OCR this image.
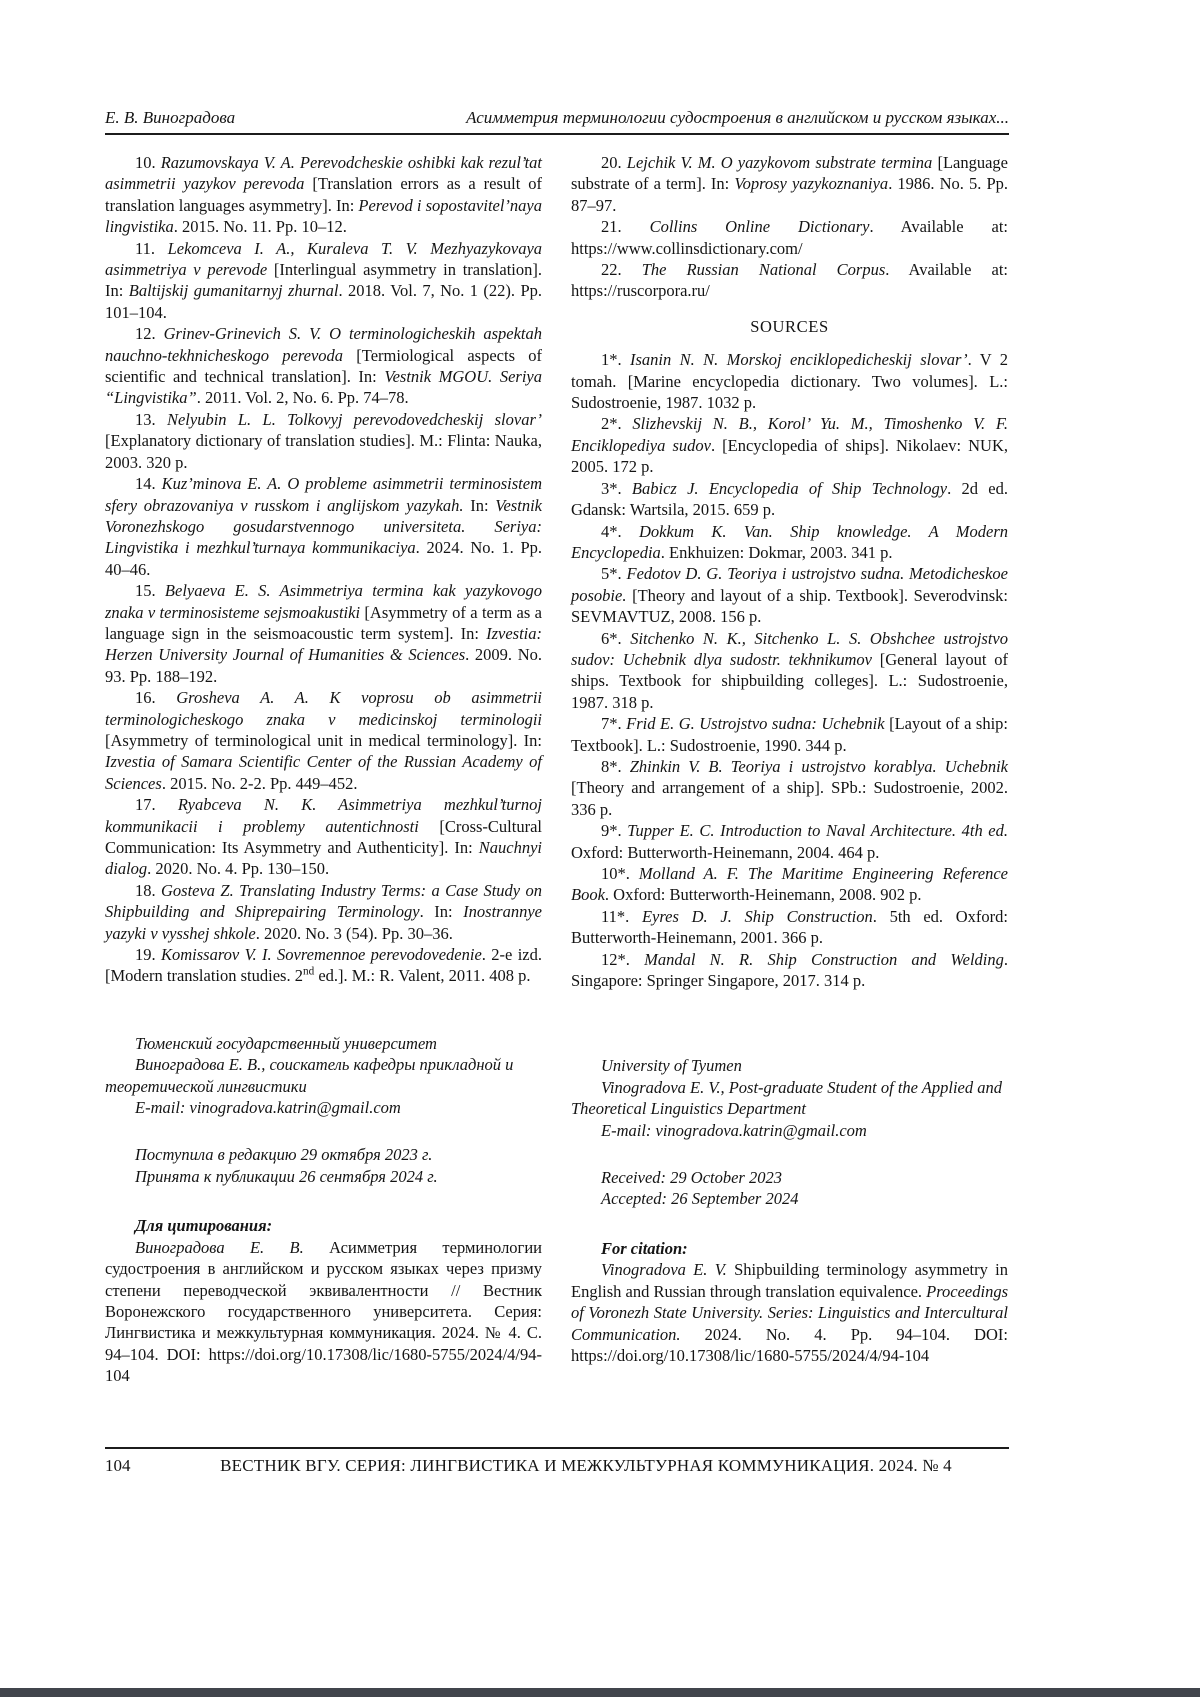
Е. В. Виноградова	Асимметрия терминологии судостроения в английском и русском языках...

10. Razumovskaya V. A. Perevodcheskie oshibki kak rezul’tat asimmetrii yazykov perevoda [Translation errors as a result of translation languages asymmetry]. In: Perevod i sopostavitel’naya lingvistika. 2015. No. 11. Pp. 10–12.

11. Lekomceva I. A., Kuraleva T. V. Mezhyazykovaya asimmetriya v perevode [Interlingual asymmetry in translation]. In: Baltijskij gumanitarnyj zhurnal. 2018. Vol. 7, No. 1 (22). Pp. 101–104.

12. Grinev-Grinevich S. V. O terminologicheskih aspektah nauchno-tekhnicheskogo perevoda [Termiological aspects of scientific and technical translation]. In: Vestnik MGOU. Seriya “Lingvistika”. 2011. Vol. 2, No. 6. Pp. 74–78.

13. Nelyubin L. L. Tolkovyj perevodovedcheskij slovar’ [Explanatory dictionary of translation studies]. M.: Flinta: Nauka, 2003. 320 p.

14. Kuz’minova E. A. O probleme asimmetrii terminosistem sfery obrazovaniya v russkom i anglijskom yazykah. In: Vestnik Voronezhskogo gosudarstvennogo universiteta. Seriya: Lingvistika i mezhkul’turnaya kommunikaciya. 2024. No. 1. Pp. 40–46.

15. Belyaeva E. S. Asimmetriya termina kak yazykovogo znaka v terminosisteme sejsmoakustiki [Asymmetry of a term as a language sign in the seismoacoustic term system]. In: Izvestia: Herzen University Journal of Humanities & Sciences. 2009. No. 93. Pp. 188–192.

16. Grosheva A. A. K voprosu ob asimmetrii terminologicheskogo znaka v medicinskoj terminologii [Asymmetry of terminological unit in medical terminology]. In: Izvestia of Samara Scientific Center of the Russian Academy of Sciences. 2015. No. 2-2. Pp. 449–452.

17. Ryabceva N. K. Asimmetriya mezhkul’turnoj kommunikacii i problemy autentichnosti [Cross-Cultural Communication: Its Asymmetry and Authenticity]. In: Nauchnyi dialog. 2020. No. 4. Pp. 130–150.

18. Gosteva Z. Translating Industry Terms: a Case Study on Shipbuilding and Shiprepairing Terminology. In: Inostrannye yazyki v vysshej shkole. 2020. No. 3 (54). Pp. 30–36.

19. Komissarov V. I. Sovremennoe perevodovedenie. 2-e izd. [Modern translation studies. 2nd ed.]. M.: R. Valent, 2011. 408 p.

Тюменский государственный университет

Виноградова Е. В., соискатель кафедры прикладной и теоретической лингвистики

E-mail: vinogradova.katrin@gmail.com

Поступила в редакцию 29 октября 2023 г.

Принята к публикации 26 сентября 2024 г.

Для цитирования:

Виноградова Е. В. Асимметрия терминологии судостроения в английском и русском языках через призму степени переводческой эквивалентности // Вестник Воронежского государственного университета. Серия: Лингвистика и межкультурная коммуникация. 2024. № 4. С. 94–104. DOI: https://doi.org/10.17308/lic/1680-5755/2024/4/94-104

20. Lejchik V. M. O yazykovom substrate termina [Language substrate of a term]. In: Voprosy yazykoznaniya. 1986. No. 5. Pp. 87–97.

21. Collins Online Dictionary. Available at: https://www.collinsdictionary.com/

22. The Russian National Corpus. Available at: https://ruscorpora.ru/

SOURCES

1*. Isanin N. N. Morskoj enciklopedicheskij slovar’. V 2 tomah. [Marine encyclopedia dictionary. Two volumes]. L.: Sudostroenie, 1987. 1032 p.

2*. Slizhevskij N. B., Korol’ Yu. M., Timoshenko V. F. Enciklopediya sudov. [Encyclopedia of ships]. Nikolaev: NUK, 2005. 172 p.

3*. Babicz J. Encyclopedia of Ship Technology. 2d ed. Gdansk: Wartsila, 2015. 659 p.

4*. Dokkum K. Van. Ship knowledge. A Modern Encyclopedia. Enkhuizen: Dokmar, 2003. 341 p.

5*. Fedotov D. G. Teoriya i ustrojstvo sudna. Metodicheskoe posobie. [Theory and layout of a ship. Textbook]. Severodvinsk: SEVMAVTUZ, 2008. 156 p.

6*. Sitchenko N. K., Sitchenko L. S. Obshchee ustrojstvo sudov: Uchebnik dlya sudostr. tekhnikumov [General layout of ships. Textbook for shipbuilding colleges]. L.: Sudostroenie, 1987. 318 p.

7*. Frid E. G. Ustrojstvo sudna: Uchebnik [Layout of a ship: Textbook]. L.: Sudostroenie, 1990. 344 p.

8*. Zhinkin V. B. Teoriya i ustrojstvo korablya. Uchebnik [Theory and arrangement of a ship]. SPb.: Sudostroenie, 2002. 336 p.

9*. Tupper E. C. Introduction to Naval Architecture. 4th ed. Oxford: Butterworth-Heinemann, 2004. 464 p.

10*. Molland A. F. The Maritime Engineering Reference Book. Oxford: Butterworth-Heinemann, 2008. 902 p.

11*. Eyres D. J. Ship Construction. 5th ed. Oxford: Butterworth-Heinemann, 2001. 366 p.

12*. Mandal N. R. Ship Construction and Welding. Singapore: Springer Singapore, 2017. 314 p.

University of Tyumen

Vinogradova E. V., Post-graduate Student of the Applied and Theoretical Linguistics Department

E-mail: vinogradova.katrin@gmail.com

Received: 29 October 2023

Accepted: 26 September 2024

For citation:

Vinogradova E. V. Shipbuilding terminology asymmetry in English and Russian through translation equivalence. Proceedings of Voronezh State University. Series: Linguistics and Intercultural Communication. 2024. No. 4. Pp. 94–104. DOI: https://doi.org/10.17308/lic/1680-5755/2024/4/94-104

104	ВЕСТНИК ВГУ. СЕРИЯ: ЛИНГВИСТИКА И МЕЖКУЛЬТУРНАЯ КОММУНИКАЦИЯ. 2024. № 4
